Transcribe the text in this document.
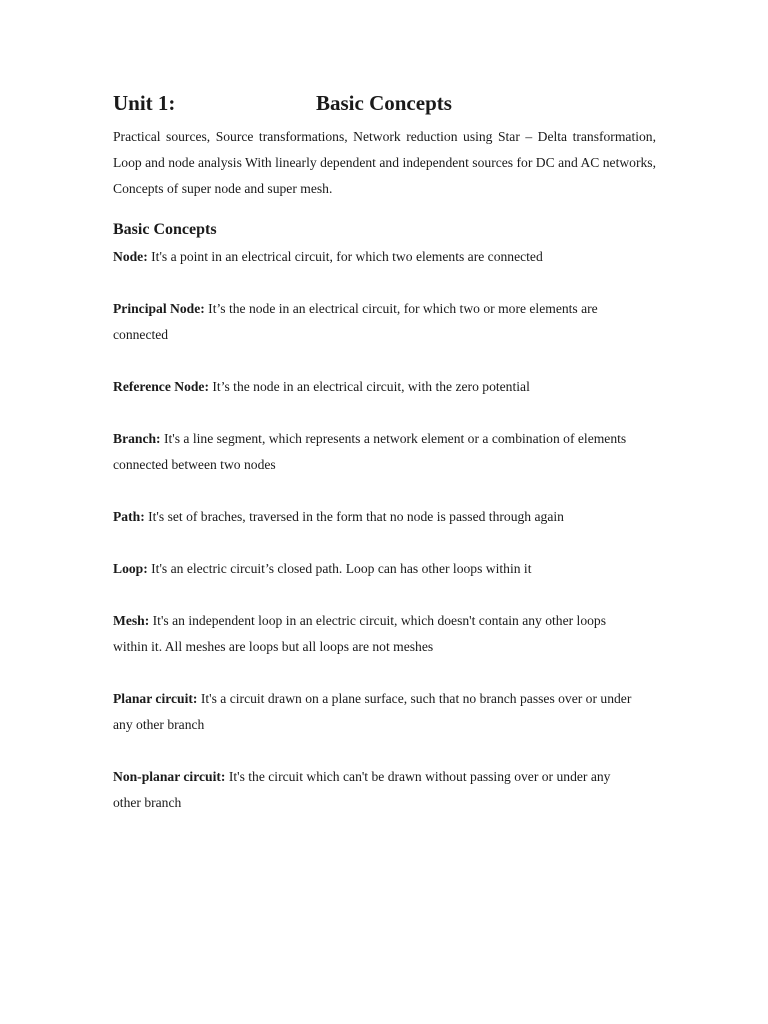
Unit 1:	Basic Concepts

Practical sources, Source transformations, Network reduction using Star – Delta transformation, Loop and node analysis With linearly dependent and independent sources for DC and AC networks, Concepts of super node and super mesh.

Basic Concepts
Node: It's a point in an electrical circuit, for which two elements are connected
Principal Node: It’s the node in an electrical circuit, for which two or more elements are connected
Reference Node: It’s the node in an electrical circuit, with the zero potential
Branch: It's a line segment, which represents a network element or a combination of elements connected between two nodes
Path: It's set of braches, traversed in the form that no node is passed through again
Loop: It's an electric circuit’s closed path. Loop can has other loops within it
Mesh: It's an independent loop in an electric circuit, which doesn't contain any other loops within it. All meshes are loops but all loops are not meshes
Planar circuit: It's a circuit drawn on a plane surface, such that no branch passes over or under any other branch
Non-planar circuit: It's the circuit which can't be drawn without passing over or under any other branch
